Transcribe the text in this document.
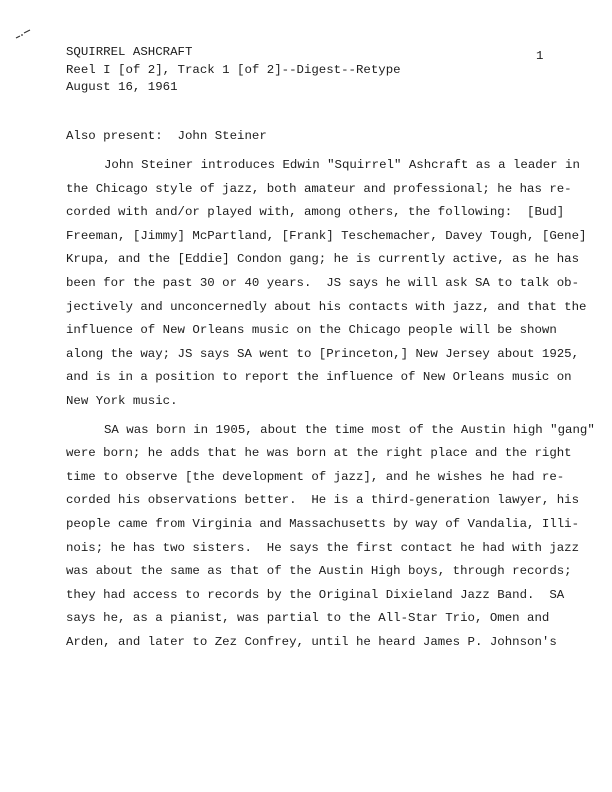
SQUIRREL ASHCRAFT
Reel I [of 2], Track 1 [of 2]--Digest--Retype
August 16, 1961
1
Also present: John Steiner
John Steiner introduces Edwin "Squirrel" Ashcraft as a leader in
the Chicago style of jazz, both amateur and professional; he has re-
corded with and/or played with, among others, the following:  [Bud]
Freeman, [Jimmy] McPartland, [Frank] Teschemacher, Davey Tough, [Gene]
Krupa, and the [Eddie] Condon gang; he is currently active, as he has
been for the past 30 or 40 years.  JS says he will ask SA to talk ob-
jectively and unconcernedly about his contacts with jazz, and that the
influence of New Orleans music on the Chicago people will be shown
along the way; JS says SA went to [Princeton,] New Jersey about 1925,
and is in a position to report the influence of New Orleans music on
New York music.
SA was born in 1905, about the time most of the Austin high "gang"
were born; he adds that he was born at the right place and the right
time to observe [the development of jazz], and he wishes he had re-
corded his observations better.  He is a third-generation lawyer, his
people came from Virginia and Massachusetts by way of Vandalia, Illi-
nois; he has two sisters.  He says the first contact he had with jazz
was about the same as that of the Austin High boys, through records;
they had access to records by the Original Dixieland Jazz Band.  SA
says he, as a pianist, was partial to the All-Star Trio, Omen and
Arden, and later to Zez Confrey, until he heard James P. Johnson's
